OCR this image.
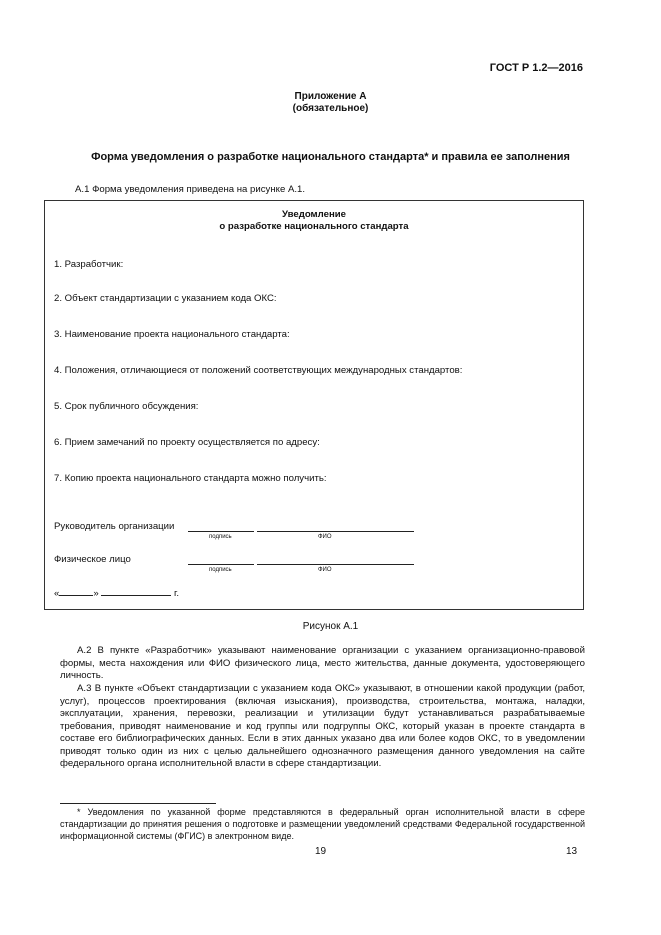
ГОСТ Р 1.2—2016
Приложение А
(обязательное)
Форма уведомления о разработке национального стандарта* и правила ее заполнения
А.1 Форма уведомления приведена на рисунке А.1.
Уведомление
о разработке национального стандарта
1. Разработчик:
2. Объект стандартизации с указанием кода ОКС:
3. Наименование проекта национального стандарта:
4. Положения, отличающиеся от положений соответствующих международных стандартов:
5. Срок публичного обсуждения:
6. Прием замечаний по проекту осуществляется по адресу:
7. Копию проекта национального стандарта можно получить:
Руководитель организации
подпись	ФИО
Физическое лицо
подпись	ФИО
«	»	г.
Рисунок А.1

А.2 В пункте «Разработчик» указывают наименование организации с указанием организационно-правовой формы, места нахождения или ФИО физического лица, место жительства, данные документа, удостоверяющего личность.

А.3 В пункте «Объект стандартизации с указанием кода ОКС» указывают, в отношении какой продукции (работ, услуг), процессов проектирования (включая изыскания), производства, строительства, монтажа, наладки, эксплуатации, хранения, перевозки, реализации и утилизации будут устанавливаться разрабатываемые требования, приводят наименование и код группы или подгруппы ОКС, который указан в проекте стандарта в составе его библиографических данных. Если в этих данных указано два или более кодов ОКС, то в уведомлении приводят только один из них с целью дальнейшего однозначного размещения данного уведомления на сайте федерального органа исполнительной власти в сфере стандартизации.

* Уведомления по указанной форме представляются в федеральный орган исполнительной власти в сфере стандартизации до принятия решения о подготовке и размещении уведомлений средствами Федеральной государственной информационной системы (ФГИС) в электронном виде.

19	13
